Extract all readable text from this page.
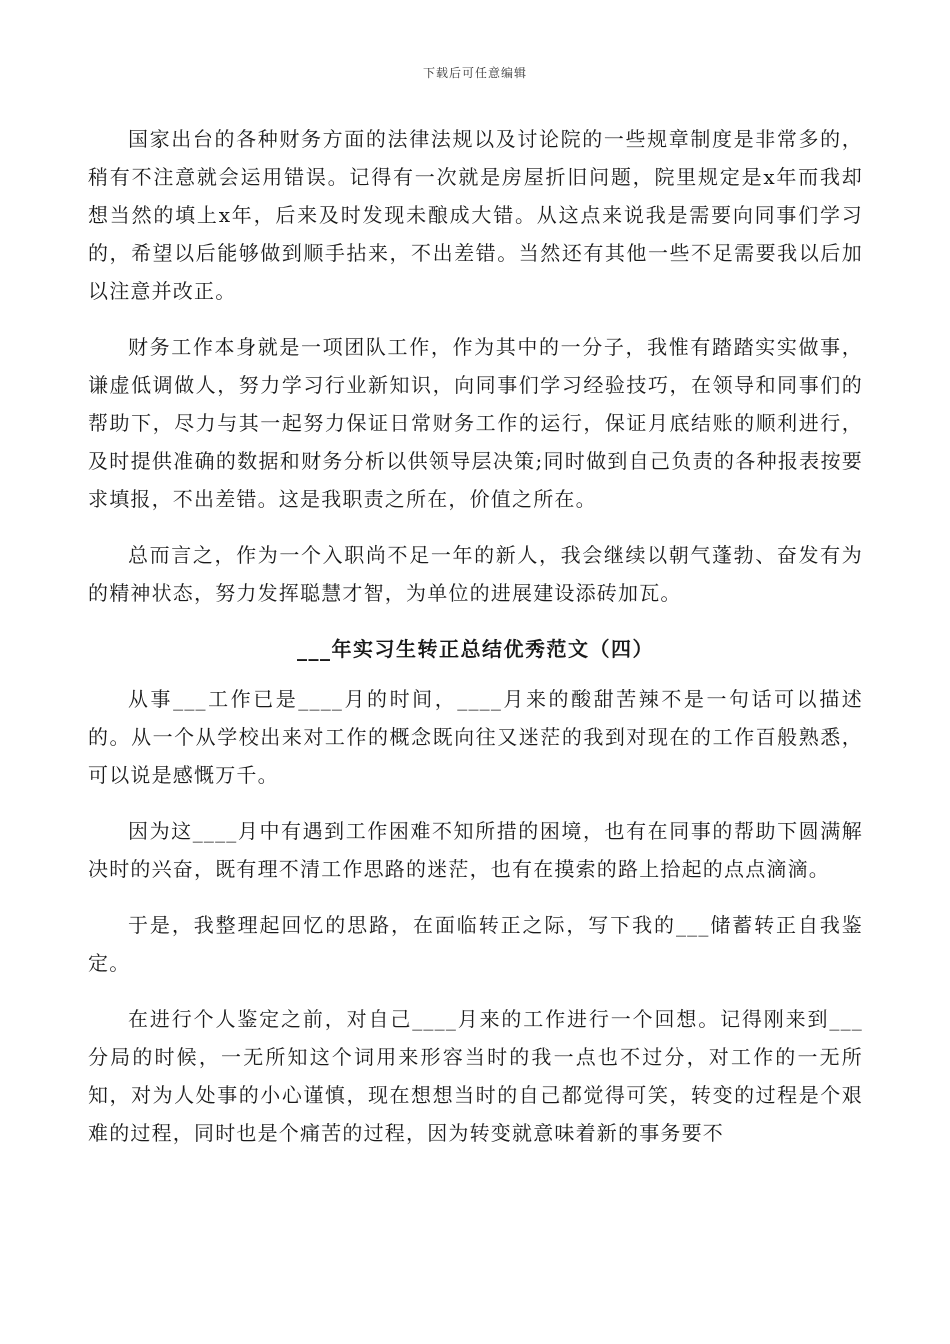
下载后可任意编辑

国家出台的各种财务方面的法律法规以及讨论院的一些规章制度是非常多的，稍有不注意就会运用错误。记得有一次就是房屋折旧问题，院里规定是x年而我却想当然的填上x年，后来及时发现未酿成大错。从这点来说我是需要向同事们学习的，希望以后能够做到顺手拈来，不出差错。当然还有其他一些不足需要我以后加以注意并改正。

财务工作本身就是一项团队工作，作为其中的一分子，我惟有踏踏实实做事，谦虚低调做人，努力学习行业新知识，向同事们学习经验技巧，在领导和同事们的帮助下，尽力与其一起努力保证日常财务工作的运行，保证月底结账的顺利进行，及时提供准确的数据和财务分析以供领导层决策;同时做到自己负责的各种报表按要求填报，不出差错。这是我职责之所在，价值之所在。

总而言之，作为一个入职尚不足一年的新人，我会继续以朝气蓬勃、奋发有为的精神状态，努力发挥聪慧才智，为单位的进展建设添砖加瓦。

___年实习生转正总结优秀范文（四）

从事___工作已是____月的时间，____月来的酸甜苦辣不是一句话可以描述的。从一个从学校出来对工作的概念既向往又迷茫的我到对现在的工作百般熟悉，可以说是感慨万千。

因为这____月中有遇到工作困难不知所措的困境，也有在同事的帮助下圆满解决时的兴奋，既有理不清工作思路的迷茫，也有在摸索的路上拾起的点点滴滴。

于是，我整理起回忆的思路，在面临转正之际，写下我的___储蓄转正自我鉴定。

在进行个人鉴定之前，对自己____月来的工作进行一个回想。记得刚来到___分局的时候，一无所知这个词用来形容当时的我一点也不过分，对工作的一无所知，对为人处事的小心谨慎，现在想想当时的自己都觉得可笑，转变的过程是个艰难的过程，同时也是个痛苦的过程，因为转变就意味着新的事务要不
